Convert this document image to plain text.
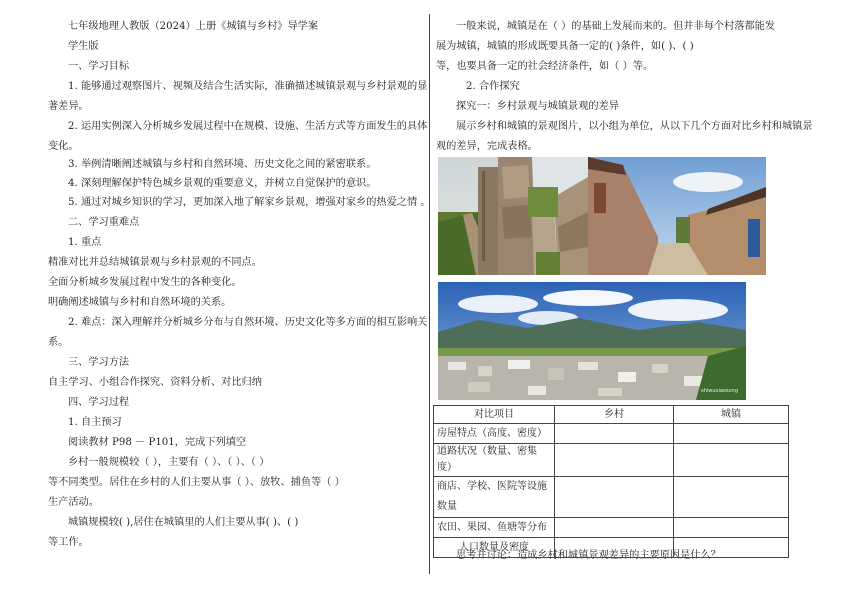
七年级地理人教版（2024）上册《城镇与乡村》导学案
学生版
一、学习目标
1. 能够通过观察图片、视频及结合生活实际，准确描述城镇景观与乡村景观的显
著差异。
2. 运用实例深入分析城乡发展过程中在规模、设施、生活方式等方面发生的具体
变化。
3. 举例清晰阐述城镇与乡村和自然环境、历史文化之间的紧密联系。
4. 深刻理解保护特色城乡景观的重要意义，并树立自觉保护的意识。
5. 通过对城乡知识的学习，更加深入地了解家乡景观，增强对家乡的热爱之情 。
二、学习重难点
1. 重点
精准对比并总结城镇景观与乡村景观的不同点。
全面分析城乡发展过程中发生的各种变化。
明确阐述城镇与乡村和自然环境的关系。
2. 难点：深入理解并分析城乡分布与自然环境、历史文化等多方面的相互影响关
系。
三、学习方法
自主学习、小组合作探究、资料分析、对比归纳
四、学习过程
1. 自主预习
阅读教材 P98 － P101，完成下列填空
乡村一般规模较（ ），主要有（ ）、（ ）、（ ）
等不同类型。居住在乡村的人们主要从事（ ）、放牧、捕鱼等（ ）
生产活动。
城镇规模较( ),居住在城镇里的人们主要从事( )、( )
等工作。
一般来说，城镇是在（ ）的基础上发展而来的。但并非每个村落都能发
展为城镇，城镇的形成既要具备一定的( )条件，如( )、( )
等，也要具备一定的社会经济条件，如（ ）等。
2. 合作探究
探究一：乡村景观与城镇景观的差异
展示乡村和城镇的景观图片，以小组为单位，从以下几个方面对比乡村和城镇景
观的差异，完成表格。
思考并讨论：造成乡村和城镇景观差异的主要原因是什么？
shiwuxiaosong
对比项目	乡村	城镇
房屋特点（高度、密度）		
道路状况（数量、密集度）		
商店、学校、医院等设施数量		
农田、果园、鱼塘等分布		
人口数量及密度		
